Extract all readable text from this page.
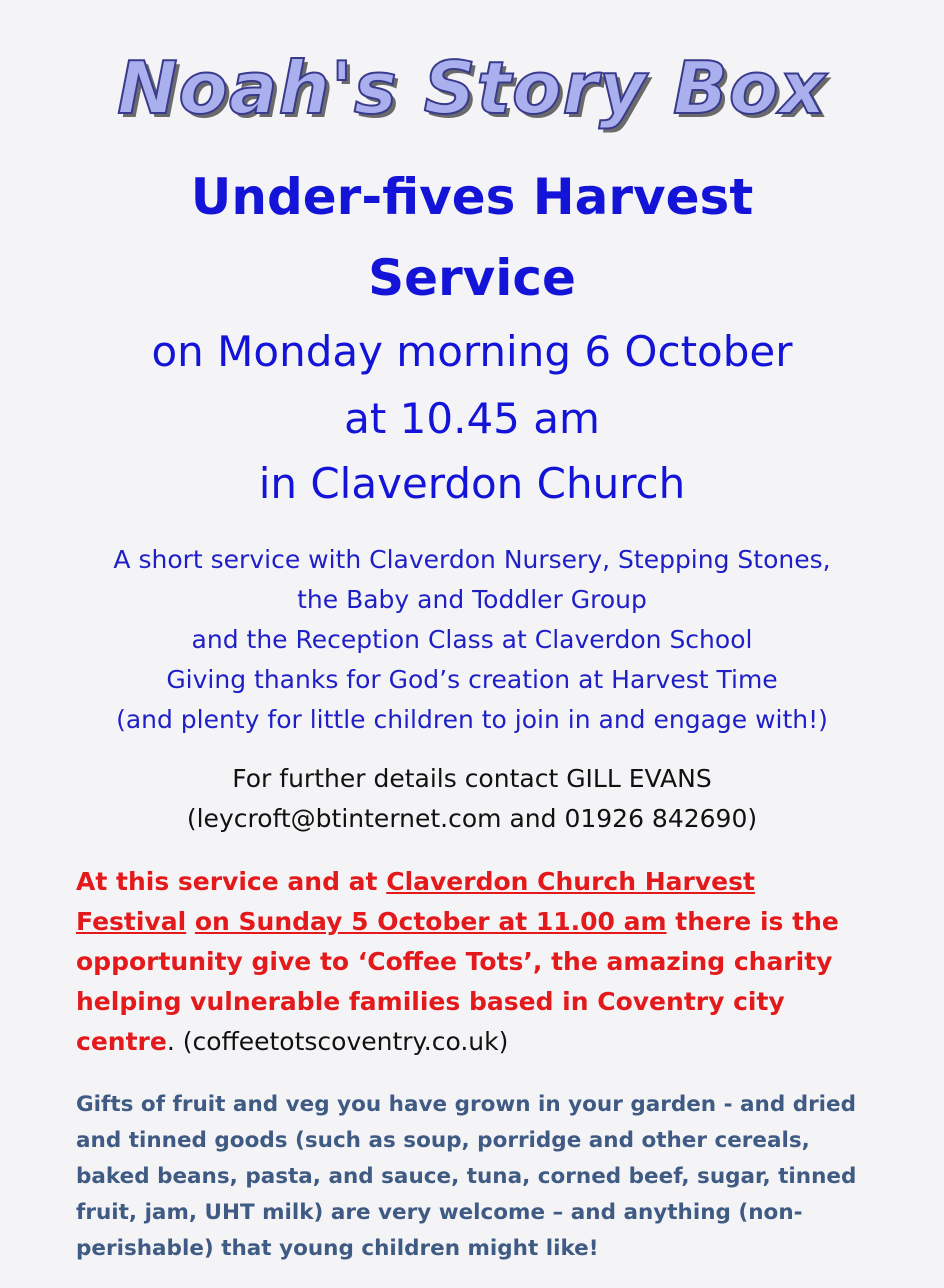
Noah's Story Box
Under-fives Harvest
Service
on Monday morning 6 October
at 10.45 am
in Claverdon Church
A short service with Claverdon Nursery, Stepping Stones,
the Baby and Toddler Group
and the Reception Class at Claverdon School
Giving thanks for God’s creation at Harvest Time
(and plenty for little children to join in and engage with!)
For further details contact GILL EVANS
(leycroft@btinternet.com and 01926 842690)
At this service and at Claverdon Church Harvest
Festival on Sunday 5 October at 11.00 am there is the
opportunity give to ‘Coffee Tots’, the amazing charity
helping vulnerable families based in Coventry city
centre. (coffeetotscoventry.co.uk)
Gifts of fruit and veg you have grown in your garden - and dried
and tinned goods (such as soup, porridge and other cereals,
baked beans, pasta, and sauce, tuna, corned beef, sugar, tinned
fruit, jam, UHT milk) are very welcome – and anything (non-
perishable) that young children might like!
